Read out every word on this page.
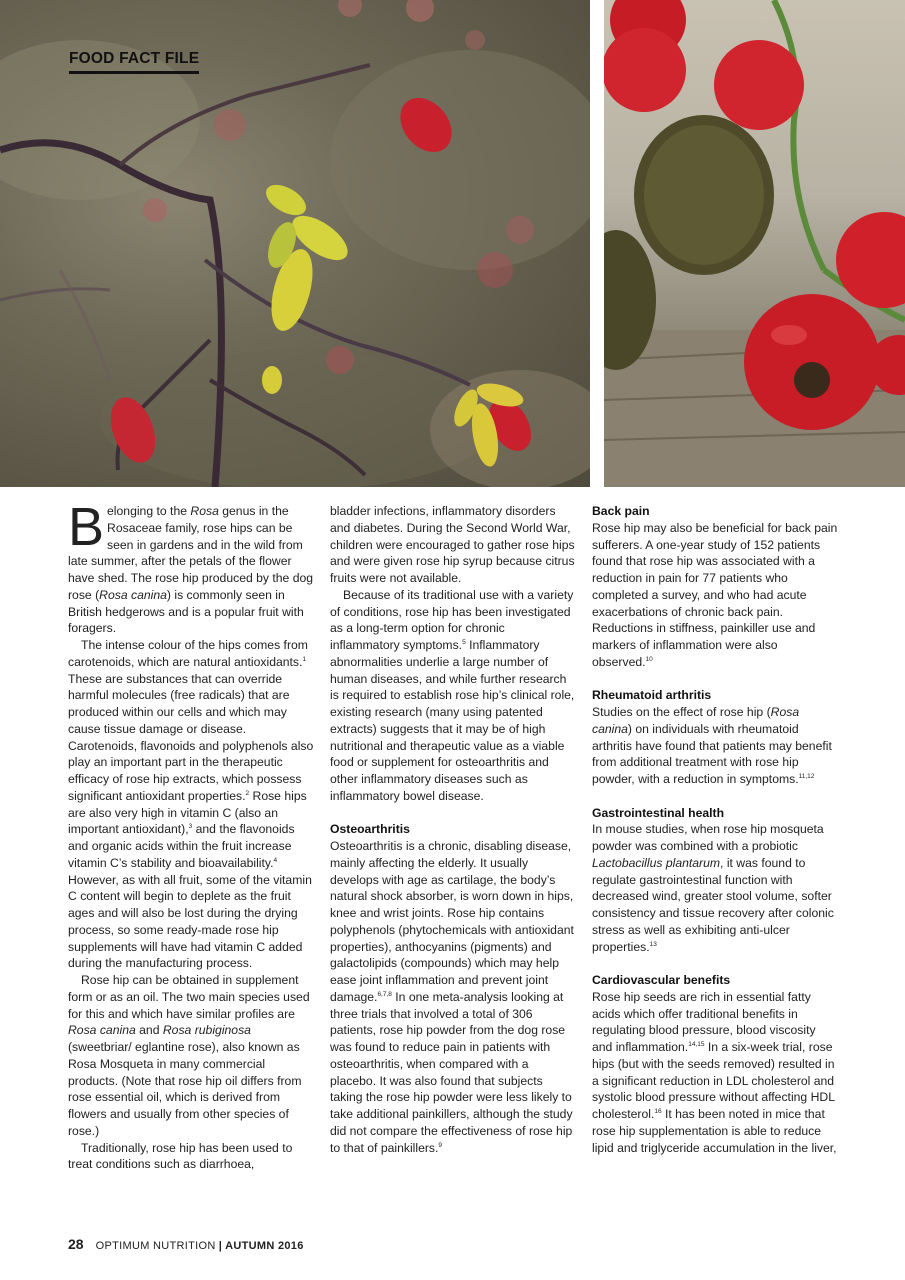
FOOD FACT FILE

Belonging to the Rosa genus in the Rosaceae family, rose hips can be seen in gardens and in the wild from late summer, after the petals of the flower have shed. The rose hip produced by the dog rose (Rosa canina) is commonly seen in British hedgerows and is a popular fruit with foragers.

The intense colour of the hips comes from carotenoids, which are natural antioxidants.$^1$ These are substances that can override harmful molecules (free radicals) that are produced within our cells and which may cause tissue damage or disease. Carotenoids, flavonoids and polyphenols also play an important part in the therapeutic efficacy of rose hip extracts, which possess significant antioxidant properties.$^2$ Rose hips are also very high in vitamin C (also an important antioxidant),$^3$ and the flavonoids and organic acids within the fruit increase vitamin C’s stability and bioavailability.$^4$ However, as with all fruit, some of the vitamin C content will begin to deplete as the fruit ages and will also be lost during the drying process, so some ready-made rose hip supplements will have had vitamin C added during the manufacturing process.

Rose hip can be obtained in supplement form or as an oil. The two main species used for this and which have similar profiles are Rosa canina and Rosa rubiginosa (sweetbriar/ eglantine rose), also known as Rosa Mosqueta in many commercial products. (Note that rose hip oil differs from rose essential oil, which is derived from flowers and usually from other species of rose.)

Traditionally, rose hip has been used to treat conditions such as diarrhoea,

bladder infections, inflammatory disorders and diabetes. During the Second World War, children were encouraged to gather rose hips and were given rose hip syrup because citrus fruits were not available.

Because of its traditional use with a variety of conditions, rose hip has been investigated as a long-term option for chronic inflammatory symptoms.$^5$ Inflammatory abnormalities underlie a large number of human diseases, and while further research is required to establish rose hip’s clinical role, existing research (many using patented extracts) suggests that it may be of high nutritional and therapeutic value as a viable food or supplement for osteoarthritis and other inflammatory diseases such as inflammatory bowel disease.

Osteoarthritis

Osteoarthritis is a chronic, disabling disease, mainly affecting the elderly. It usually develops with age as cartilage, the body’s natural shock absorber, is worn down in hips, knee and wrist joints. Rose hip contains polyphenols (phytochemicals with antioxidant properties), anthocyanins (pigments) and galactolipids (compounds) which may help ease joint inflammation and prevent joint damage.$^{6,7,8}$ In one meta-analysis looking at three trials that involved a total of 306 patients, rose hip powder from the dog rose was found to reduce pain in patients with osteoarthritis, when compared with a placebo. It was also found that subjects taking the rose hip powder were less likely to take additional painkillers, although the study did not compare the effectiveness of rose hip to that of painkillers.$^9$

Back pain

Rose hip may also be beneficial for back pain sufferers. A one-year study of 152 patients found that rose hip was associated with a reduction in pain for 77 patients who completed a survey, and who had acute exacerbations of chronic back pain. Reductions in stiffness, painkiller use and markers of inflammation were also observed.$^{10}$

Rheumatoid arthritis

Studies on the effect of rose hip (Rosa canina) on individuals with rheumatoid arthritis have found that patients may benefit from additional treatment with rose hip powder, with a reduction in symptoms.$^{11,12}$

Gastrointestinal health

In mouse studies, when rose hip mosqueta powder was combined with a probiotic Lactobacillus plantarum, it was found to regulate gastrointestinal function with decreased wind, greater stool volume, softer consistency and tissue recovery after colonic stress as well as exhibiting anti-ulcer properties.$^{13}$

Cardiovascular benefits

Rose hip seeds are rich in essential fatty acids which offer traditional benefits in regulating blood pressure, blood viscosity and inflammation.$^{14,15}$ In a six-week trial, rose hips (but with the seeds removed) resulted in a significant reduction in LDL cholesterol and systolic blood pressure without affecting HDL cholesterol.$^{16}$ It has been noted in mice that rose hip supplementation is able to reduce lipid and triglyceride accumulation in the liver,

28 OPTIMUM NUTRITION | AUTUMN 2016
